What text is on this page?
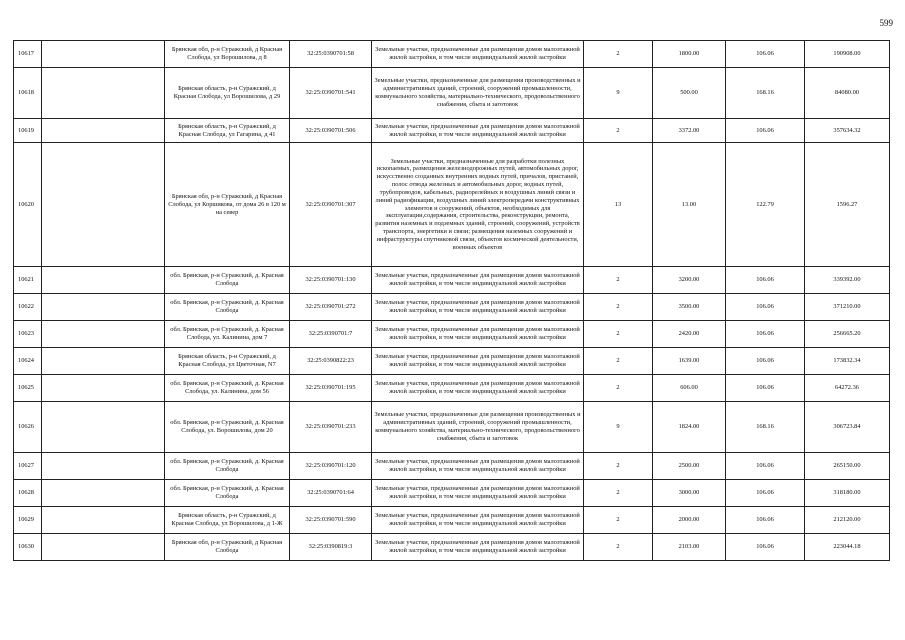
599
10617		Брянская обл, р-н Суражский, д Красная Слобода, ул Ворошилова, д 8	32:25:0390701:58	Земельные участки, предназначенные для размещения домов малоэтажной жилой застройки, в том числе индивидуальной жилой застройки	2	1800.00	106.06	190908.00
10618		Брянская область, р-н Суражский, д Красная Слобода, ул Ворошилова, д 29	32:25:0390701:541	Земельные участки, предназначенные для размещения производственных и административных зданий, строений, сооружений промышленности, коммунального хозяйства, материально-технического, продовольственного снабжения, сбыта и заготовок	9	500.00	168.16	84080.00
10619		Брянская область, р-н Суражский, д Красная Слобода, ул Гагарина, д 41	32:25:0390701:506	Земельные участки, предназначенные для размещения домов малоэтажной жилой застройки, в том числе индивидуальной жилой застройки	2	3372.00	106.06	357634.32
10620		Брянская обл, р-н Суражский, д Красная Слобода, ул Коршикова, от дома 26 в 120 м на север	32:25:0390701:307	Земельные участки, предназначенные для разработки полезных ископаемых, размещения железнодорожных путей, автомобильных дорог, искусственно созданных внутренних водных путей, причалов, пристаней, полос отвода железных и автомобильных дорог, водных путей, трубопроводов, кабельных, радиорелейных и воздушных линий связи и линий радиофикации, воздушных линий электропередачи конструктивных элементов и сооружений, объектов, необходимых для эксплуатации,содержания, строительства, реконструкции, ремонта, развития наземных и подземных зданий, строений, сооружений, устройств транспорта, энергетики и связи; размещения наземных сооружений и инфраструктуры спутниковой связи, объектов космической деятельности, военных объектов	13	13.00	122.79	1596.27
10621		обл. Брянская, р-н Суражский, д. Красная Слобода	32:25:0390701:130	Земельные участки, предназначенные для размещения домов малоэтажной жилой застройки, в том числе индивидуальной жилой застройки	2	3200.00	106.06	339392.00
10622		обл. Брянская, р-н Суражский, д. Красная Слобода	32:25:0390701:272	Земельные участки, предназначенные для размещения домов малоэтажной жилой застройки, в том числе индивидуальной жилой застройки	2	3500.00	106.06	371210.00
10623		обл. Брянская, р-н Суражский, д. Красная Слобода, ул. Калинина, дом 7	32:25:0390701:7	Земельные участки, предназначенные для размещения домов малоэтажной жилой застройки, в том числе индивидуальной жилой застройки	2	2420.00	106.06	256665.20
10624		Брянская область, р-н Суражский, д Красная Слобода, ул Цветочная, N7	32:25:0390822:23	Земельные участки, предназначенные для размещения домов малоэтажной жилой застройки, в том числе индивидуальной жилой застройки	2	1639.00	106.06	173832.34
10625		обл. Брянская, р-н Суражский, д. Красная Слобода, ул. Калинина, дом 56	32:25:0390701:195	Земельные участки, предназначенные для размещения домов малоэтажной жилой застройки, в том числе индивидуальной жилой застройки	2	606.00	106.06	64272.36
10626		обл. Брянская, р-н Суражский, д. Красная Слобода, ул. Ворошилова, дом 20	32:25:0390701:233	Земельные участки, предназначенные для размещения производственных и административных зданий, строений, сооружений промышленности, коммунального хозяйства, материально-технического, продовольственного снабжения, сбыта и заготовок	9	1824.00	168.16	306723.84
10627		обл. Брянская, р-н Суражский, д. Красная Слобода	32:25:0390701:120	Земельные участки, предназначенные для размещения домов малоэтажной жилой застройки, в том числе индивидуальной жилой застройки	2	2500.00	106.06	265150.00
10628		обл. Брянская, р-н Суражский, д. Красная Слобода	32:25:0390701:64	Земельные участки, предназначенные для размещения домов малоэтажной жилой застройки, в том числе индивидуальной жилой застройки	2	3000.00	106.06	318180.00
10629		Брянская область, р-н Суражский, д Красная Слобода, ул Ворошилова, д 1-Ж	32:25:0390701:590	Земельные участки, предназначенные для размещения домов малоэтажной жилой застройки, в том числе индивидуальной жилой застройки	2	2000.00	106.06	212120.00
10630		Брянская обл, р-н Суражский, д Красная Слобода	32:25:0390819:3	Земельные участки, предназначенные для размещения домов малоэтажной жилой застройки, в том числе индивидуальной жилой застройки	2	2103.00	106.06	223044.18
